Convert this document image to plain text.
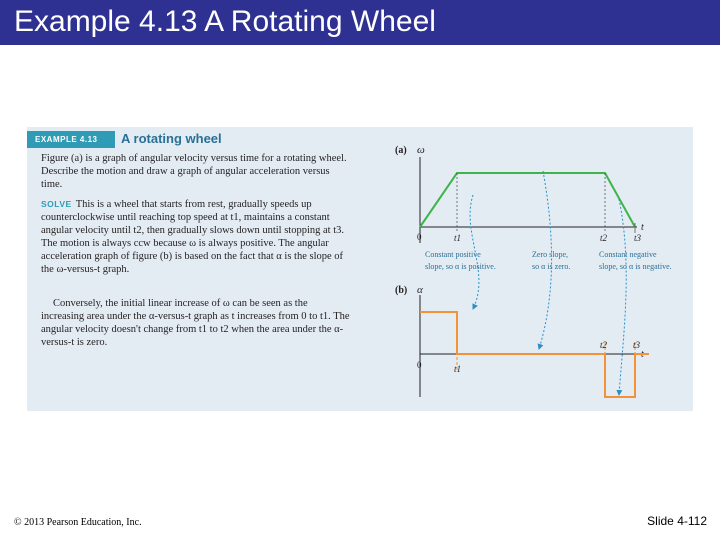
Example 4.13 A Rotating Wheel
EXAMPLE 4.13	A rotating wheel
Figure (a) is a graph of angular velocity versus time for a rotating wheel. Describe the motion and draw a graph of angular acceleration versus time.
SOLVE This is a wheel that starts from rest, gradually speeds up counterclockwise until reaching top speed at t1, maintains a constant angular velocity until t2, then gradually slows down until stopping at t3. The motion is always ccw because ω is always positive. The angular acceleration graph of figure (b) is based on the fact that α is the slope of the ω-versus-t graph.
Conversely, the initial linear increase of ω can be seen as the increasing area under the α-versus-t graph as t increases from 0 to t1. The angular velocity doesn't change from t1 to t2 when the area under the α-versus-t is zero.
(a) ω
t
0	t1	t2	t3
Constant positive
slope, so α is positive.
Zero slope,
so α is zero.
Constant negative
slope, so α is negative.
(b) α
t
0	t1
t2	t3
© 2013 Pearson Education, Inc.	Slide 4-112
